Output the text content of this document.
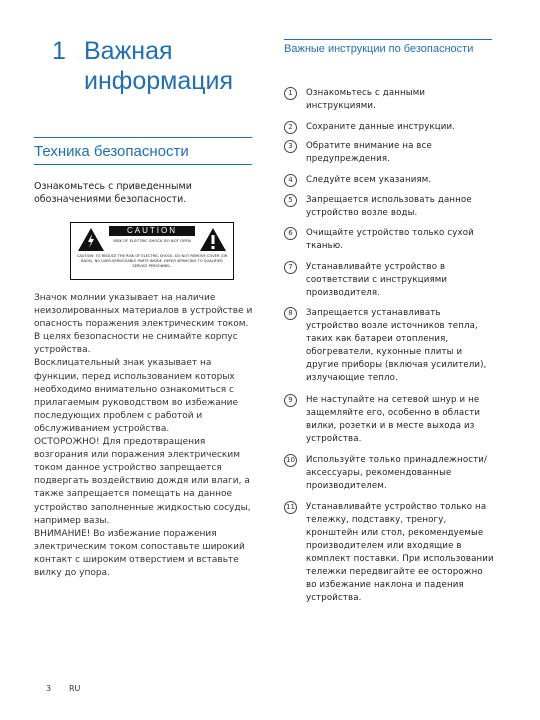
1 Важная информация
Техника безопасности
Ознакомьтесь с приведенными обозначениями безопасности.
CAUTION
RISK OF ELECTRIC SHOCK DO NOT OPEN
CAUTION: TO REDUCE THE RISK OF ELECTRIC SHOCK, DO NOT REMOVE COVER (OR BACK). NO USER-SERVICEABLE PARTS INSIDE. REFER SERVICING TO QUALIFIED SERVICE PERSONNEL.

Значок молнии указывает на наличие неизолированных материалов в устройстве и опасность поражения электрическим током. В целях безопасности не снимайте корпус устройства.

Восклицательный знак указывает на функции, перед использованием которых необходимо внимательно ознакомиться с прилагаемым руководством во избежание последующих проблем с работой и обслуживанием устройства.

ОСТОРОЖНО! Для предотвращения возгорания или поражения электрическим током данное устройство запрещается подвергать воздействию дождя или влаги, а также запрещается помещать на данное устройство заполненные жидкостью сосуды, например вазы.

ВНИМАНИЕ! Во избежание поражения электрическим током сопоставьте широкий контакт с широким отверстием и вставьте вилку до упора.

Важные инструкции по безопасности
1	Ознакомьтесь с данными инструкциями.
2	Сохраните данные инструкции.
3	Обратите внимание на все предупреждения.
4	Следуйте всем указаниям.
5	Запрещается использовать данное устройство возле воды.
6	Очищайте устройство только сухой тканью.
7	Устанавливайте устройство в соответствии с инструкциями производителя.
8	Запрещается устанавливать устройство возле источников тепла, таких как батареи отопления, обогреватели, кухонные плиты и другие приборы (включая усилители), излучающие тепло.
9	Не наступайте на сетевой шнур и не защемляйте его, особенно в области вилки, розетки и в месте выхода из устройства.
10 Используйте только принадлежности/аксессуары, рекомендованные производителем.
11 Устанавливайте устройство только на тележку, подставку, треногу, кронштейн или стол, рекомендуемые производителем или входящие в комплект поставки. При использовании тележки передвигайте ее осторожно во избежание наклона и падения устройства.
3 RU
